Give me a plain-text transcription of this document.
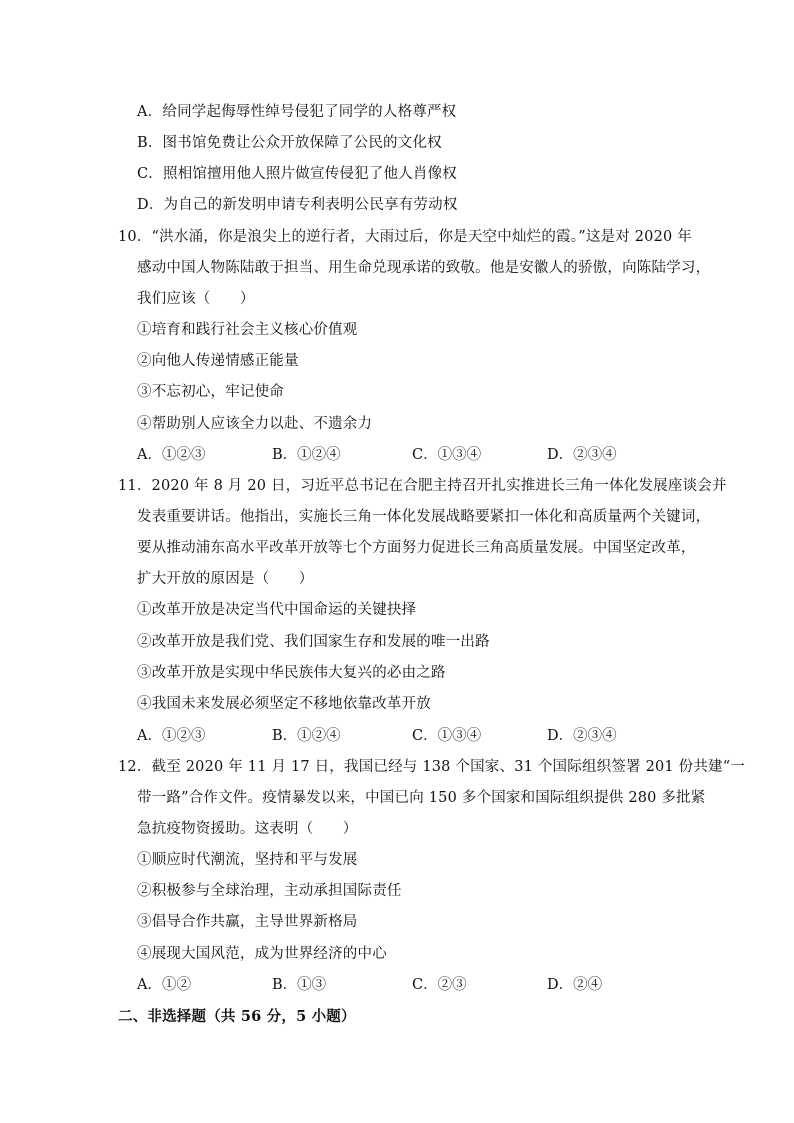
A．给同学起侮辱性绰号侵犯了同学的人格尊严权
B．图书馆免费让公众开放保障了公民的文化权
C．照相馆擅用他人照片做宣传侵犯了他人肖像权
D．为自己的新发明申请专利表明公民享有劳动权
10．“洪水涌，你是浪尖上的逆行者，大雨过后，你是天空中灿烂的霞。”这是对 2020 年
感动中国人物陈陆敢于担当、用生命兑现承诺的致敬。他是安徽人的骄傲，向陈陆学习，
我们应该（　　）
①培育和践行社会主义核心价值观
②向他人传递情感正能量
③不忘初心，牢记使命
④帮助别人应该全力以赴、不遗余力
A．①②③	B．①②④	C．①③④	D．②③④
11．2020 年 8 月 20 日，习近平总书记在合肥主持召开扎实推进长三角一体化发展座谈会并
发表重要讲话。他指出，实施长三角一体化发展战略要紧扣一体化和高质量两个关键词，
要从推动浦东高水平改革开放等七个方面努力促进长三角高质量发展。中国坚定改革，
扩大开放的原因是（　　）
①改革开放是决定当代中国命运的关键抉择
②改革开放是我们党、我们国家生存和发展的唯一出路
③改革开放是实现中华民族伟大复兴的必由之路
④我国未来发展必须坚定不移地依靠改革开放
A．①②③	B．①②④	C．①③④	D．②③④
12．截至 2020 年 11 月 17 日，我国已经与 138 个国家、31 个国际组织签署 201 份共建“一
带一路”合作文件。疫情暴发以来，中国已向 150 多个国家和国际组织提供 280 多批紧
急抗疫物资援助。这表明（　　）
①顺应时代潮流，坚持和平与发展
②积极参与全球治理，主动承担国际责任
③倡导合作共赢，主导世界新格局
④展现大国风范，成为世界经济的中心
A．①②	B．①③	C．②③	D．②④
二、非选择题（共 56 分，5 小题）
